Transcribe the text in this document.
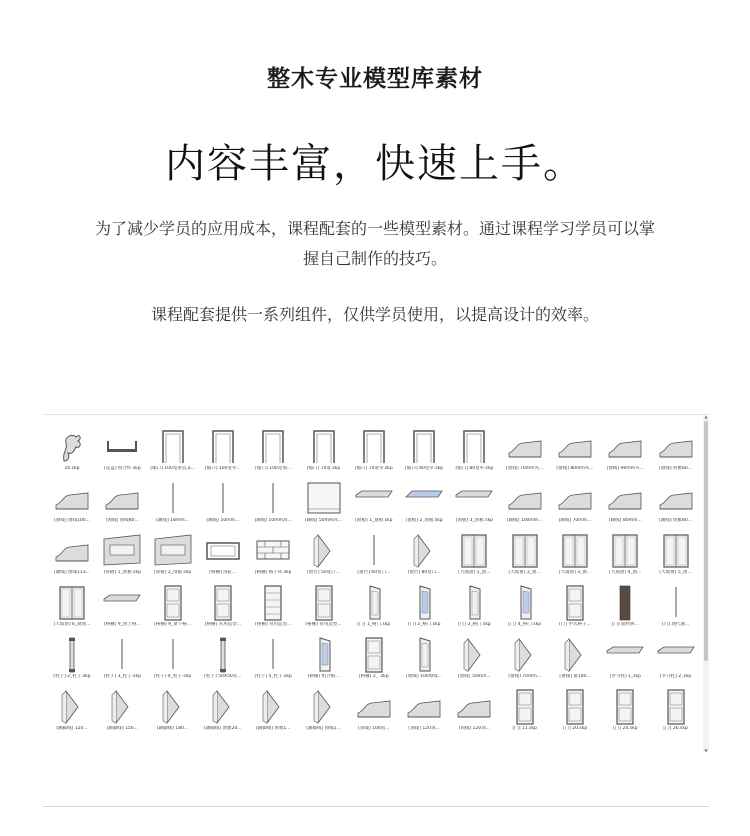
整木专业模型库素材
内容丰富，快速上手。
为了减少学员的应用成本，课程配套的一些模型素材。通过课程学习学员可以掌握自己制作的技巧。
课程配套提供一系列组件，仅供学员使用，以提高设计的效率。
10.skp	[花盒] 组合杆.skp	[缩口] 100宽垂直.a...	[缩口] 100宽窄...	[缩口] 100宽加...	[缩口] 70宽.skp	[缩口] 70宽窄.skp	[缩口] 80宽窄.skp	[缩口] 80宽窄.skp	[窗线] 70mm夹...	[窗线] 80mm夹...	[窗线] 90mm夹...	[窗线] 典雅80...
[窗线] 窗线100...	[窗线] 窗线80...	[踢线] 18mm...	[踢线] 50mm...	[踢线] 50mm高...	[踢线] 50mm高...	[窗板] 1_窗板.skp	[窗板] 2_窗板.skp	[窗板] 3_窗板.skp	[踢线] 100mm...	[踢线] 70mm...	[踢线] 80mm...	[踢线] 典雅80...
[踢线] 窗线113...	[饰板] 1_饰板.skp	[饰板] 2_饰板.skp	[格栅] 浴缸...	[格栅] 格子砖.skp	[窗台] 50宽口...	[窗台] 60宽口...	[窗台] 80宽口...	[大玻窗] 1_窗...	[大玻窗] 2_窗...	[大玻窗] 3_窗...	[大玻窗] 4_窗...	[大玻窗] 5_窗...
[大玻窗] 6_窗窗...	[格栅] 9_窗上格...	[格栅] 9_窗下格...	[格栅] 常用造型...	[格栅] 常用造型...	[格栅] 常用造型...	[门] 1_格门.skp	[门] 2_格门.skp	[门] 3_格门.skp	[门] 4_格门.skp	[门] 中式格子...	[门] 面材拼...	[门] 现代通...
[柱子] 2_柱子.skp	[柱子] 3_柱子.skp	[柱子] 4_柱子.skp	[柱子] 50X50装...	[柱子] 5_柱子.skp	[格栅] 组合格...	[格栅] 2_ .skp	[窗线] 100窗线...	[窗线] 50mm...	[窗线] 70mm...	[窗线] 窗100...	[罗马柱] 1_skp	[罗马柱] 2_skp
[踢脚线] 120...	[踢脚线] 150...	[踢脚线] 180...	[踢脚线] 典雅20...	[踢脚线] 典雅1...	[踢脚线] 窗线1...	[顶线] 100顶...	[顶线] 120顶...	[顶线] 120顶...	[门] 11.skp	[门] 20.skp	[门] 24.skp	[门] 26.skp
▲
▼
